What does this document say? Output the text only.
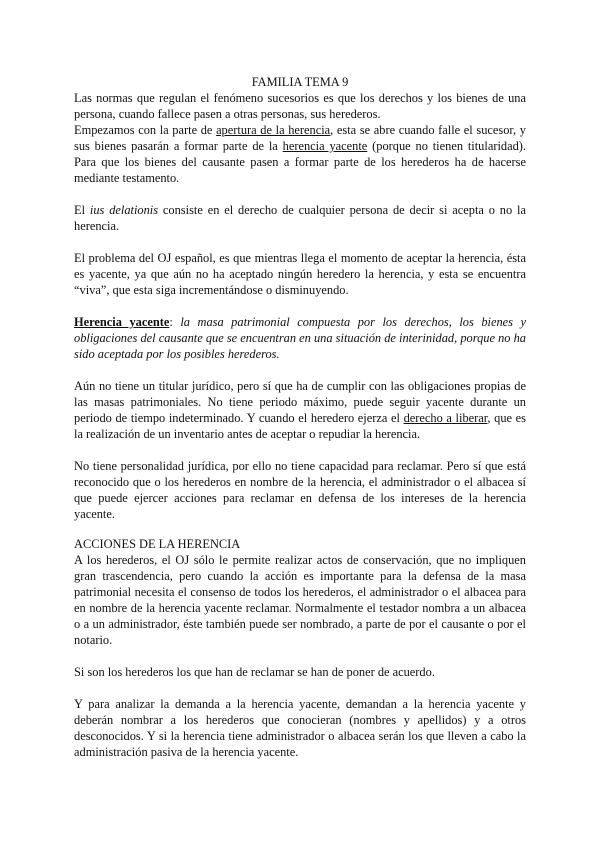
FAMILIA TEMA 9

Las normas que regulan el fenómeno sucesorios es que los derechos y los bienes de una persona, cuando fallece pasen a otras personas, sus herederos.

Empezamos con la parte de apertura de la herencia, esta se abre cuando falle el sucesor, y sus bienes pasarán a formar parte de la herencia yacente (porque no tienen titularidad). Para que los bienes del causante pasen a formar parte de los herederos ha de hacerse mediante testamento.

El ius delationis consiste en el derecho de cualquier persona de decir si acepta o no la herencia.

El problema del OJ español, es que mientras llega el momento de aceptar la herencia, ésta es yacente, ya que aún no ha aceptado ningún heredero la herencia, y esta se encuentra “viva”, que esta siga incrementándose o disminuyendo.

Herencia yacente: la masa patrimonial compuesta por los derechos, los bienes y obligaciones del causante que se encuentran en una situación de interinidad, porque no ha sido aceptada por los posibles herederos.

Aún no tiene un titular jurídico, pero sí que ha de cumplir con las obligaciones propias de las masas patrimoniales. No tiene periodo máximo, puede seguir yacente durante un periodo de tiempo indeterminado. Y cuando el heredero ejerza el derecho a liberar, que es la realización de un inventario antes de aceptar o repudiar la herencia.

No tiene personalidad jurídica, por ello no tiene capacidad para reclamar. Pero sí que está reconocido que o los herederos en nombre de la herencia, el administrador o el albacea sí que puede ejercer acciones para reclamar en defensa de los intereses de la herencia yacente.

ACCIONES DE LA HERENCIA

A los herederos, el OJ sólo le permite realizar actos de conservación, que no impliquen gran trascendencia, pero cuando la acción es importante para la defensa de la masa patrimonial necesita el consenso de todos los herederos, el administrador o el albacea para en nombre de la herencia yacente reclamar. Normalmente el testador nombra a un albacea o a un administrador, éste también puede ser nombrado, a parte de por el causante o por el notario.

Si son los herederos los que han de reclamar se han de poner de acuerdo.

Y para analizar la demanda a la herencia yacente, demandan a la herencia yacente y deberán nombrar a los herederos que conocieran (nombres y apellidos) y a otros desconocidos. Y si la herencia tiene administrador o albacea serán los que lleven a cabo la administración pasiva de la herencia yacente.
